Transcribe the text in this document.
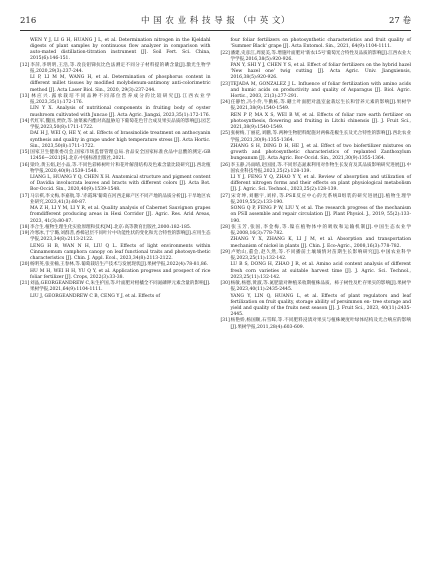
216	中 国 农 业 科 技 导 报 （中 英 文）	27 卷

WEN Y J, LI G H, HUANG J L, et al. Determination nitrogen in the Kjeldahl digests of plant samples by continuous flow analyzer in comparison with auto-mated distillation-titration instrument [J]. Soil Fert. Sci. China, 2015(6):146-151.

[12]李萍,李明明,王浩,等.改良钼锑抗比色法测定不同分子材料提的碘含量[J].激光生物学报,2020,29(3):237-244.

LI P, LI M M, WANG H, et al. Determination of phosphorus content in different millet tissues by modified molybdenum-antimony anti-colorimetric method [J]. Acta Laser Biol. Sin., 2020, 29(3):237-244.

[13]林应兴.露承栽培不同品种不同部位营养成分的比较研究[J].江西农业学报,2023,35(1):172-176.

LIN Y X. Analysis of nutritional components in fruiting body of oyster mushroom cultivated with Juncao [J]. Acta Agric. Jiangxi, 2023,35(1):172-176.

[14]代红军,魏国,贾欣,等.油菜素内酯对高温胁迫下葡萄花色苷合成及果实品质的影响[J].园艺学报,2023,50(8):1711-1722.

DAI H J, WEI Q, HE Y, et al. Effects of brassinolide treatment on anthocyanin synthesis and quality in grape under high temperature stress [J]. Acta Hortic. Sin., 2023,50(8):1711-1722.

[15]国家卫生健康委员会,国家市场监督管理总局.食品安全国家标准食品中总酸的测定:GB 12456—2021[S].北京:中国标准出版社,2021.

[16]梁玲,黄玉娟,赵小品,等.不同色彩柿树叶片和花叶解剖结构及色素含量比较研究[J].西北植物学报,2020,40(9):1539-1548.

LIANG L, HUANG Y Q, CHEN X H. Anatomical structure and pigment content of Davidia involucrata leaves and bracts with different colors [J]. Acta Bot. Bor-Occid. Sin., 2020,40(9):1539-1548.

[17]马宗祺,李文梅,李嘉航,等.'赤霞珠'葡萄在河西走廊产区不同产地的品质分析[J].干旱地区农业研究,2023,41(3):80-87.

MA Z H, LI Y M, LI Y R, et al. Quality analysis of Cabernet Sauvignon grapes fromdifferent producing areas in Hexi Corridor [J]. Agric. Res. Arid Areas, 2023, 41(3):80-87.

[18]李合生.植物生理生化实验原理和技术[M].北京:高等教育出版社,2000:182-185.

[19]冷寒冰,于宁璐,刘群菩,香樟冠层不同叶片中功能性状的变化和光合特性的影响[J].应用生态学报,2023,34(8):2113-2122.

LENG H B, WAN N H, LIU Q L. Effects of light environments within Cinnamomum camphora canopy on leaf functional traits and photosyn-thetic characteristics [J]. Chin. J. Appl. Ecol., 2023,34(8):2113-2122.

[20]杨明英,张亚楠,王春林,等.葡萄栽培生产技术与发展现状[J].果树学报,2022(4):78-81,86.

HU M H, WEI H H, YU Q Y, et al. Application progress and prospect of rice foliar fertilizer [J]. Crops, 2022(3):33-38.

[21]刘晶,GEORGEANDREW C,朱生护国,等.叶面肥对柑橘全不同氮磷钾元素含量的影响[J].果树学报,2021,64(9):1104-1111.

LIU J, GEORGEANDREW C B, CENG Y J, et al. Effects of

four foliar fertilizers on photosynthetic characteristics and fruit quality of 'Summer Black' grape [J]. Acta Entomol. Sin., 2021, 64(9):1104-1111.

[22]潘建,史彦江,周爱美,等.增施叶面肥对'新农15号'葡萄光合特性及品质的影响[J].江西农业大学学报,2016,38(5):920-926.

PAN Y, SHI Y J, CHEN Y S, et al. Effect of foliar fertilizers on the hybrid hazel 'New hazel one' twig cutting [J]. Acta Agric. Univ. Jiangxiensis, 2016,38(5):920-926.

[23]TEJADA M, GONZALEZ J L. Influence of foliar fertilization with amino acids and humic acids on productivity and quality of Asparagus [J]. Biol. Agric. Hortic., 2003, 21(3):277-291.

[24]任静怡,冯小伶,牛勤栋,等.硼土叶面肥对温室盆栽坛生长和营养元素的影响[J].果树学报,2021,38(9):1540-1549.

REN P P, MA X S, WEI B W, et al. Effects of foliar rare earth fertilizer on photosynthesis, flowering and fruiting in Litchi chinensis [J]. J. Fruit Sci., 2021,38(9):1540-1549.

[25]张树梅,丁丽花,刘鹏,等.两种生物肥料配施对两株花椒生长及光合特性的影响[J].西北农业学报,2021,30(9):1355-1364.

ZHANG S H, DING D H, HE J, et al. Effect of two biofertilizer mixtures on growth and photosynthetic characteristics of replanted Zanthoxylum bungeanum [J]. Acta Agric. Bor-Occid. Sin., 2021,30(9):1355-1364.

[26]李玉静,冯雨晴,赵国园,等.不同形态氮素利用对作物生长发育及其品质影响研究进展[J].中国农业科技导报,2023,25(2):128-139.

LI Y J, FENG Y Q, ZHAO Y Y, et al. Review of absorption and utilization of different nitrogen forms and their effects on plant physiological metabolism [J]. J. Agric. Sci. Technol., 2023,25(2):128-139.

[27]宋奇坤,刘鹏宇,刘梓,等.PSⅡ反应中心的光系统Ⅱ组装的研究进展[J].植物生理学报,2019,55(2):133-190.

SONG Q P, FENG P W, LIU Y, et al. The research progress of the mechanism on PSⅡ assemble and repair circulation [J]. Plant Physiol. J., 2019, 55(2):133-190.

[28]张玉芳,张国,李金梅,等.镍在植物体中的吸收和运输机制[J].中国生态农业学报,2008,16(3):778-782.

ZHANG Y X, ZHANG K, LI J M, et al. Absorption and transportation mechanism of nickel in plants [J]. Chin. J. Eco-Agric., 2008,16(3):778-782.

[29]卢贻山,董会,赵久然,等.不同播前土壤墒情对苗期生长影响研究[J].中国农业科学报,2023,25(11):132-142.

LU B S, DONG H, ZHAO J R, et al. Amino acid content analysis of different fresh corn varieties at suitable harvest time [J]. J. Agric. Sci. Technol., 2023,25(11):132-142.

[30]杨敏,杨德,黄淑,等.氮肥量对种植采收期植株品质、柿子树性及贮存果实的影响[J].果树学报,2023,40(11):2435-2445.

YANG Y, LIN Q, HUANG L, et al. Effects of plant regulators and leaf fertilization on fruit quality, storage ability of persimmon en- tree storage and yield and quality of the fruits next season [J]. J. Fruit Sci., 2023, 40(11):2435-2445.

[31]杨艳娇,杨国顺,石雪晖,等.不同肥料浸渍对果实与植株硬度叶绿体结构及光合响应的影响[J].果树学报,2011,28(4):603-609.
